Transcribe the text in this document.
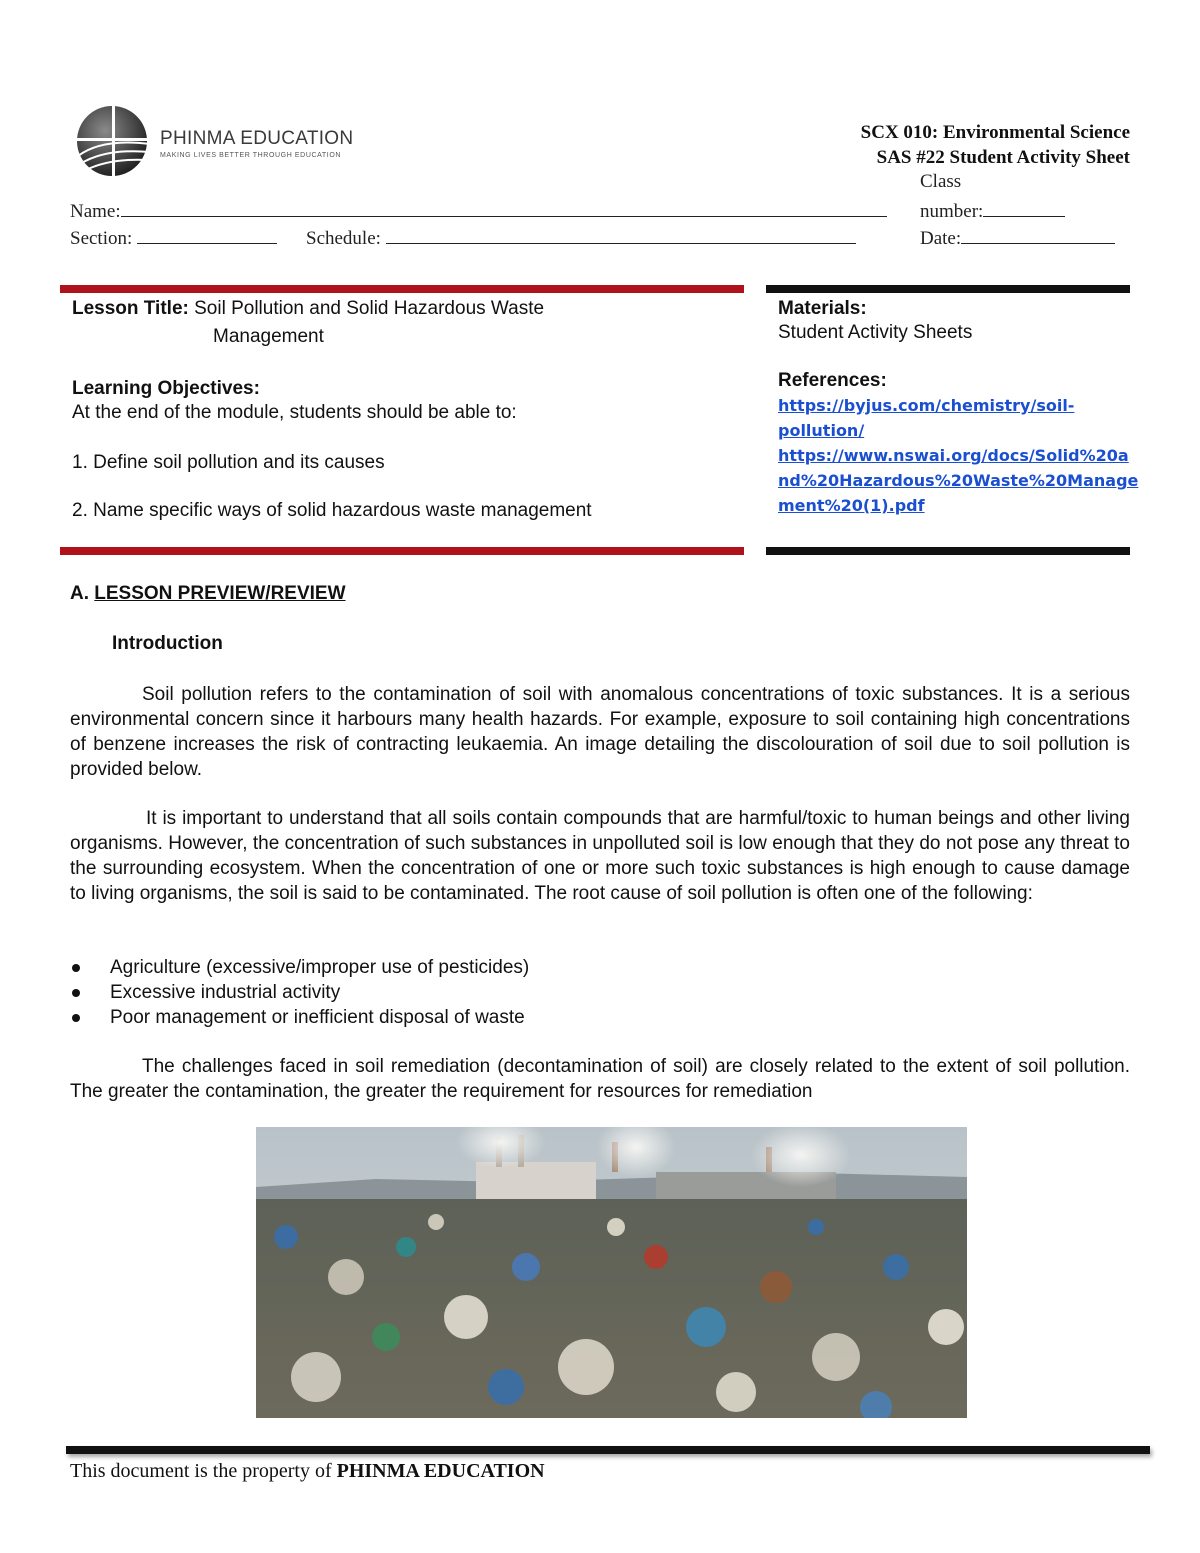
PHINMA EDUCATION
MAKING LIVES BETTER THROUGH EDUCATION
SCX 010: Environmental Science
SAS #22 Student Activity Sheet
Class
Name:	number:
Section:	Schedule:	Date:
Lesson Title: Soil Pollution and Solid Hazardous Waste
Management
Learning Objectives:
At the end of the module, students should be able to:
1. Define soil pollution and its causes
2. Name specific ways of solid hazardous waste management
Materials:
Student Activity Sheets
References:
https://byjus.com/chemistry/soil-
pollution/
https://www.nswai.org/docs/Solid%20a
nd%20Hazardous%20Waste%20Manage
ment%20(1).pdf
A. LESSON PREVIEW/REVIEW
Introduction
Soil pollution refers to the contamination of soil with anomalous concentrations of toxic substances. It is a serious environmental concern since it harbours many health hazards. For example, exposure to soil containing high concentrations of benzene increases the risk of contracting leukaemia. An image detailing the discolouration of soil due to soil pollution is provided below.
It is important to understand that all soils contain compounds that are harmful/toxic to human beings and other living organisms. However, the concentration of such substances in unpolluted soil is low enough that they do not pose any threat to the surrounding ecosystem. When the concentration of one or more such toxic substances is high enough to cause damage to living organisms, the soil is said to be contaminated. The root cause of soil pollution is often one of the following:
Agriculture (excessive/improper use of pesticides)
Excessive industrial activity
Poor management or inefficient disposal of waste
The challenges faced in soil remediation (decontamination of soil) are closely related to the extent of soil pollution. The greater the contamination, the greater the requirement for resources for remediation
This document is the property of PHINMA EDUCATION
